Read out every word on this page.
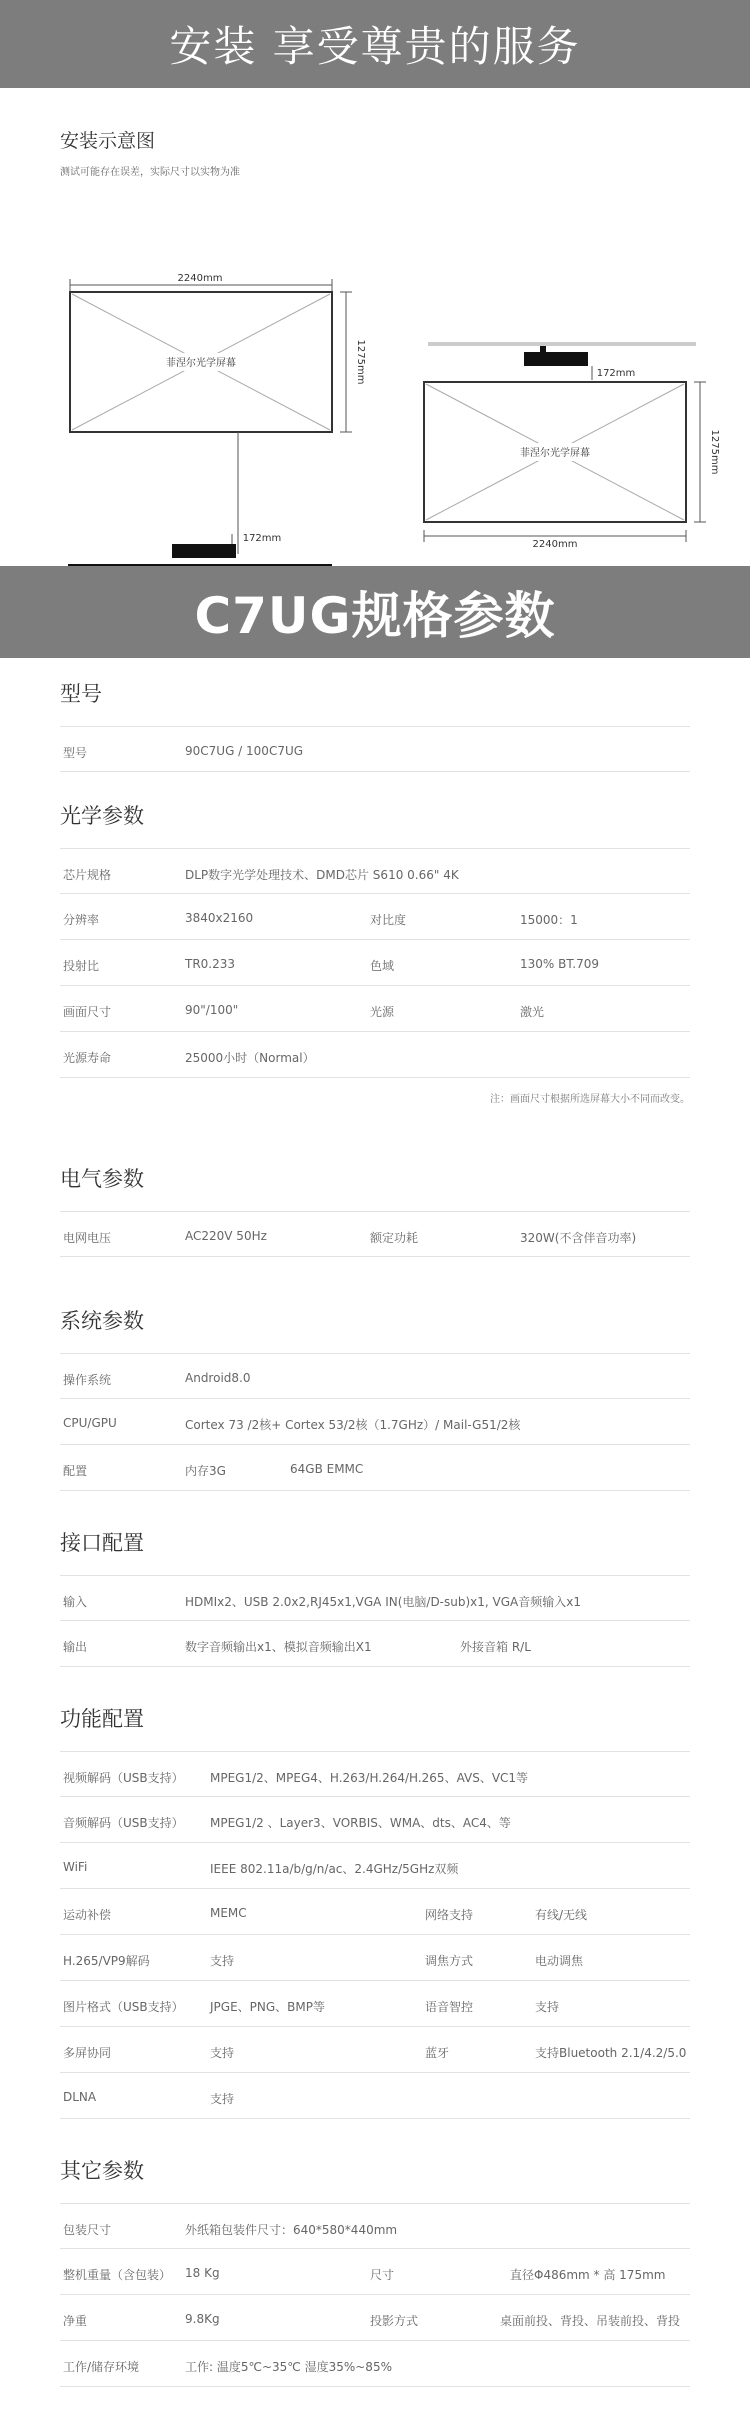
安装 享受尊贵的服务
安装示意图
测试可能存在误差，实际尺寸以实物为准
2240mm
菲涅尔光学屏幕	1275mm
172mm
172mm
菲涅尔光学屏幕	1275mm
2240mm
C7UG规格参数
型号
型号	90C7UG / 100C7UG
光学参数
芯片规格	DLP数字光学处理技术、DMD芯片 S610 0.66" 4K
分辨率	3840x2160	对比度	15000：1
投射比	TR0.233	色域	130% BT.709
画面尺寸	90"/100"	光源	激光
光源寿命	25000小时（Normal）
注：画面尺寸根据所选屏幕大小不同而改变。
电气参数
电网电压	AC220V 50Hz	额定功耗	320W(不含伴音功率)
系统参数
操作系统	Android8.0
CPU/GPU	Cortex 73 /2核+ Cortex 53/2核（1.7GHz）/ Mail-G51/2核
配置	内存3G	64GB EMMC
接口配置
输入	HDMIx2、USB 2.0x2,RJ45x1,VGA IN(电脑/D-sub)x1, VGA音频输入x1
输出	数字音频输出x1、模拟音频输出X1	外接音箱 R/L
功能配置
视频解码（USB支持） MPEG1/2、MPEG4、H.263/H.264/H.265、AVS、VC1等
音频解码（USB支持） MPEG1/2 、Layer3、VORBIS、WMA、dts、AC4、等
WiFi	IEEE 802.11a/b/g/n/ac、2.4GHz/5GHz双频
运动补偿	MEMC	网络支持	有线/无线
H.265/VP9解码	支持	调焦方式	电动调焦
图片格式（USB支持） JPGE、PNG、BMP等	语音智控	支持
多屏协同	支持	蓝牙	支持Bluetooth 2.1/4.2/5.0
DLNA	支持
其它参数
包装尺寸	外纸箱包装件尺寸：640*580*440mm
整机重量（含包装） 18 Kg	尺寸	直径Φ486mm * 高 175mm
净重	9.8Kg	投影方式	桌面前投、背投、吊装前投、背投
工作/储存环境	工作: 温度5℃~35℃ 湿度35%~85%
